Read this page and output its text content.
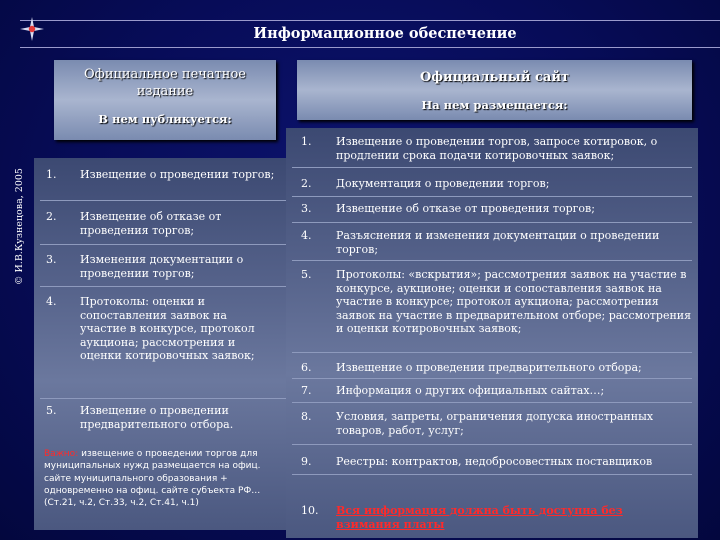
Информационное обеспечение
© И.В.Кузнецова, 2005
Официальное печатное издание
В нем публикуется:
1. Извещение о проведении торгов;
2. Извещение об отказе от проведения торгов;
3. Изменения документации о проведении торгов;
4. Протоколы: оценки и сопоставления заявок на участие в конкурсе, протокол аукциона; рассмотрения и оценки котировочных заявок;
5. Извещение о проведении предварительного отбора.
Важно: извещение о проведении торгов для муниципальных нужд размещается на офиц. сайте муниципального образования + одновременно на офиц. сайте субъекта РФ…(Ст.21, ч.2, Ст.33, ч.2, Ст.41, ч.1)
Официальный сайт
На нем размещается:
1. Извещение о проведении торгов, запросе котировок, о продлении срока подачи котировочных заявок;
2. Документация о проведении торгов;
3. Извещение об отказе от проведения торгов;
4. Разъяснения и изменения документации о проведении торгов;
5. Протоколы: «вскрытия»; рассмотрения заявок на участие в конкурсе, аукционе; оценки и сопоставления заявок на участие в конкурсе; протокол аукциона; рассмотрения заявок на участие в предварительном отборе; рассмотрения и оценки котировочных заявок;
6. Извещение о проведении предварительного отбора;
7. Информация о других официальных сайтах…;
8. Условия, запреты, ограничения допуска иностранных товаров, работ, услуг;
9. Реестры: контрактов, недобросовестных поставщиков
10. Вся информация должна быть доступна без взимания платы
